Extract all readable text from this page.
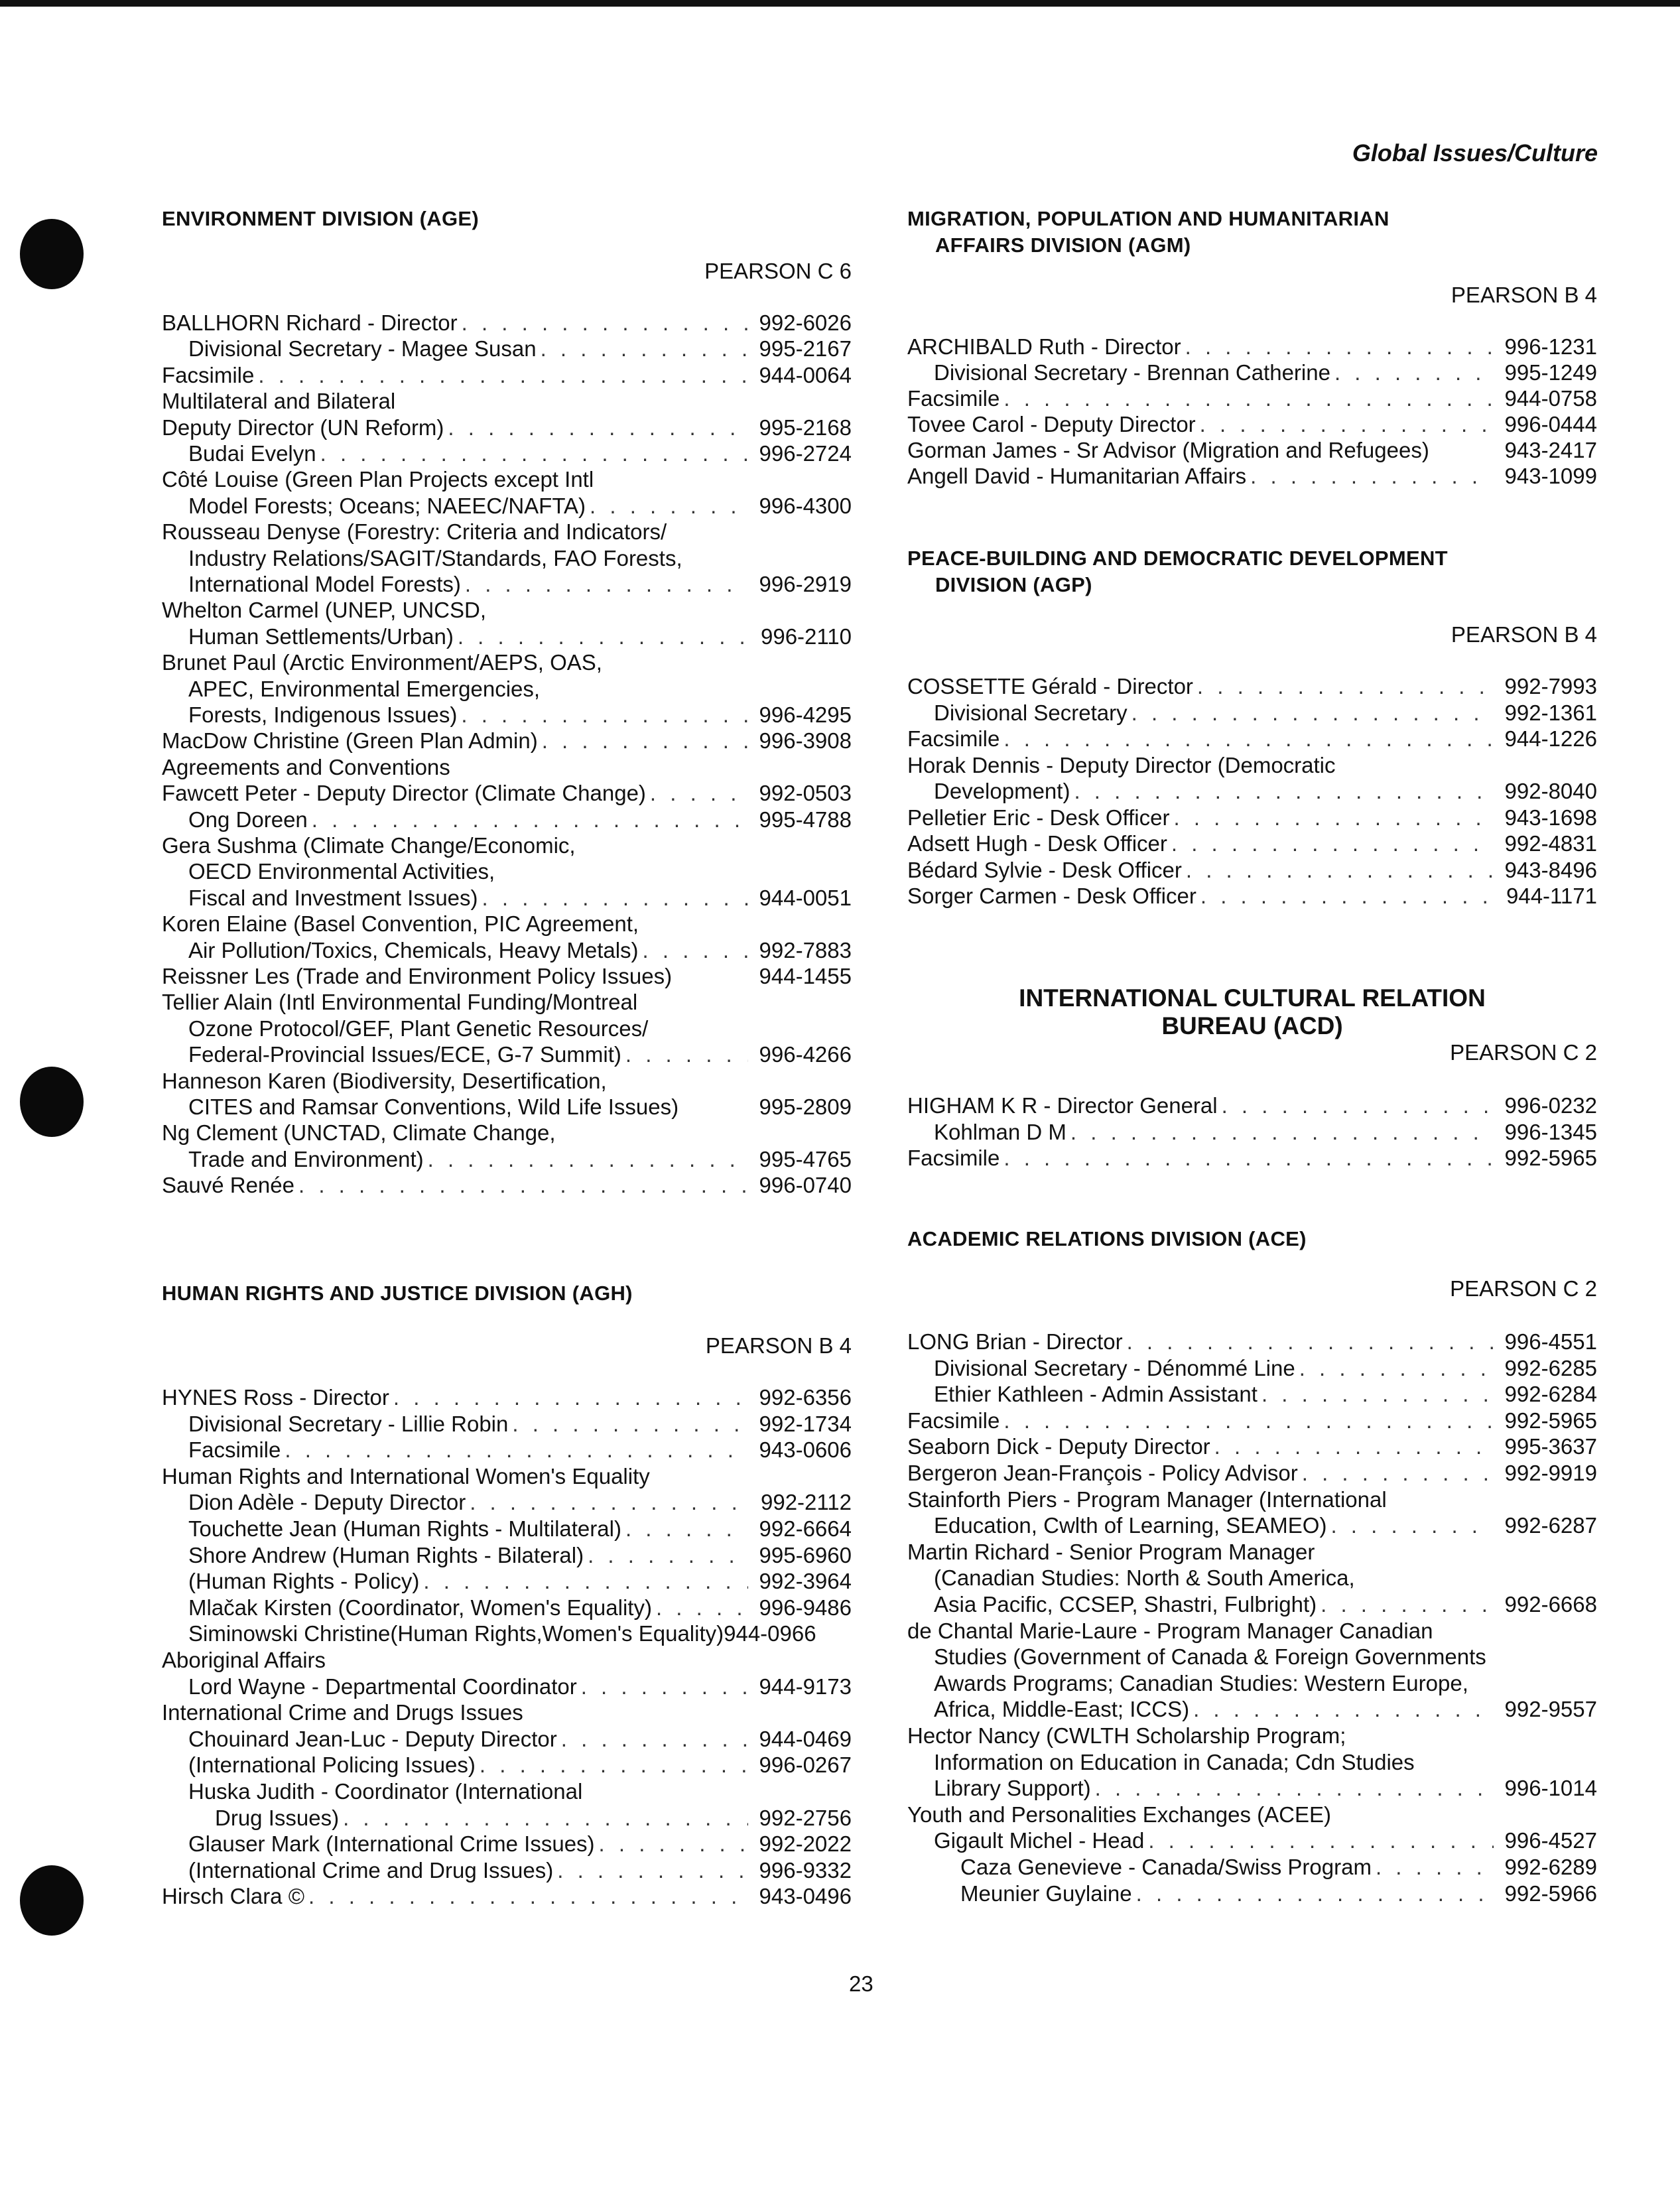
Global Issues/Culture
ENVIRONMENT DIVISION (AGE)
PEARSON C 6
BALLHORN Richard - Director . . .	992-6026
Divisional Secretary - Magee Susan . . .	995-2167
Facsimile . . .	944-0064
Multilateral and Bilateral
Deputy Director (UN Reform) . . .	995-2168
Budai Evelyn . . .	996-2724
Côté Louise (Green Plan Projects except Intl
Model Forests; Oceans; NAEEC/NAFTA) . . .	996-4300
Rousseau Denyse (Forestry: Criteria and Indicators/
Industry Relations/SAGIT/Standards, FAO Forests,
International Model Forests) . . .	996-2919
Whelton Carmel (UNEP, UNCSD,
Human Settlements/Urban) . . .	996-2110
Brunet Paul (Arctic Environment/AEPS, OAS,
APEC, Environmental Emergencies,
Forests, Indigenous Issues) . . .	996-4295
MacDow Christine (Green Plan Admin) . . .	996-3908
Agreements and Conventions
Fawcett Peter - Deputy Director (Climate Change) . . .	992-0503
Ong Doreen . . .	995-4788
Gera Sushma (Climate Change/Economic,
OECD Environmental Activities,
Fiscal and Investment Issues) . . .	944-0051
Koren Elaine (Basel Convention, PIC Agreement,
Air Pollution/Toxics, Chemicals, Heavy Metals) . . .	992-7883
Reissner Les (Trade and Environment Policy Issues)	944-1455
Tellier Alain (Intl Environmental Funding/Montreal
Ozone Protocol/GEF, Plant Genetic Resources/
Federal-Provincial Issues/ECE, G-7 Summit) . . .	996-4266
Hanneson Karen (Biodiversity, Desertification,
CITES and Ramsar Conventions, Wild Life Issues)	995-2809
Ng Clement (UNCTAD, Climate Change,
Trade and Environment) . . .	995-4765
Sauvé Renée . . .	996-0740
HUMAN RIGHTS AND JUSTICE DIVISION (AGH)
PEARSON B 4
HYNES Ross - Director . . .	992-6356
Divisional Secretary - Lillie Robin . . .	992-1734
Facsimile . . .	943-0606
Human Rights and International Women's Equality
Dion Adèle - Deputy Director . . .	992-2112
Touchette Jean (Human Rights - Multilateral) . . .	992-6664
Shore Andrew (Human Rights - Bilateral) . . .	995-6960
(Human Rights - Policy) . . .	992-3964
Mlačak Kirsten (Coordinator, Women's Equality) . . .	996-9486
Siminowski Christine(Human Rights,Women's Equality)944-0966
Aboriginal Affairs
Lord Wayne - Departmental Coordinator . . .	944-9173
International Crime and Drugs Issues
Chouinard Jean-Luc - Deputy Director . . .	944-0469
(International Policing Issues) . . .	996-0267
Huska Judith - Coordinator (International
Drug Issues) . . .	992-2756
Glauser Mark (International Crime Issues) . . .	992-2022
(International Crime and Drug Issues) . . .	996-9332
Hirsch Clara © . . .	943-0496
MIGRATION, POPULATION AND HUMANITARIAN
AFFAIRS DIVISION (AGM)
PEARSON B 4
ARCHIBALD Ruth - Director . . .	996-1231
Divisional Secretary - Brennan Catherine . . .	995-1249
Facsimile . . .	944-0758
Tovee Carol - Deputy Director . . .	996-0444
Gorman James - Sr Advisor (Migration and Refugees)	943-2417
Angell David - Humanitarian Affairs . . .	943-1099
PEACE-BUILDING AND DEMOCRATIC DEVELOPMENT
DIVISION (AGP)
PEARSON B 4
COSSETTE Gérald - Director . . .	992-7993
Divisional Secretary . . .	992-1361
Facsimile . . .	944-1226
Horak Dennis - Deputy Director (Democratic
Development) . . .	992-8040
Pelletier Eric - Desk Officer . . .	943-1698
Adsett Hugh - Desk Officer . . .	992-4831
Bédard Sylvie - Desk Officer . . .	943-8496
Sorger Carmen - Desk Officer . . .	944-1171
INTERNATIONAL CULTURAL RELATION
BUREAU (ACD)
PEARSON C 2
HIGHAM K R - Director General . . .	996-0232
Kohlman D M . . .	996-1345
Facsimile . . .	992-5965
ACADEMIC RELATIONS DIVISION (ACE)
PEARSON C 2
LONG Brian - Director . . .	996-4551
Divisional Secretary - Dénommé Line . . .	992-6285
Ethier Kathleen - Admin Assistant . . .	992-6284
Facsimile . . .	992-5965
Seaborn Dick - Deputy Director . . .	995-3637
Bergeron Jean-François - Policy Advisor . . .	992-9919
Stainforth Piers - Program Manager (International
Education, Cwlth of Learning, SEAMEO) . . .	992-6287
Martin Richard - Senior Program Manager
(Canadian Studies: North & South America,
Asia Pacific, CCSEP, Shastri, Fulbright) . . .	992-6668
de Chantal Marie-Laure - Program Manager Canadian
Studies (Government of Canada & Foreign Governments
Awards Programs; Canadian Studies: Western Europe,
Africa, Middle-East; ICCS) . . .	992-9557
Hector Nancy (CWLTH Scholarship Program;
Information on Education in Canada; Cdn Studies
Library Support) . . .	996-1014
Youth and Personalities Exchanges (ACEE)
Gigault Michel - Head . . .	996-4527
Caza Genevieve - Canada/Swiss Program . . .	992-6289
Meunier Guylaine . . .	992-5966
23
